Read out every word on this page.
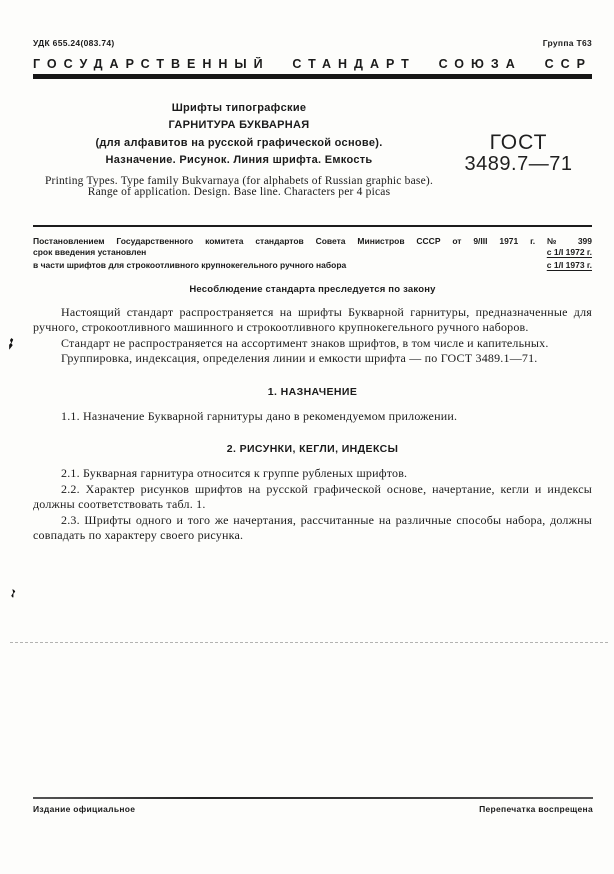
УДК 655.24(083.74)	Группа Т63
ГОСУДАРСТВЕННЫЙ СТАНДАРТ СОЮЗА ССР
Шрифты типографские
ГАРНИТУРА БУКВАРНАЯ
(для алфавитов на русской графической основе).
Назначение. Рисунок. Линия шрифта. Емкость
Printing Types. Type family Bukvarnaya (for alphabets of Russian graphic base). Range of application. Design. Base line. Characters per 4 picas
ГОСТ
3489.7—71
Постановлением Государственного комитета стандартов Совета Министров СССР от 9/III 1971 г. № 399
срок введения установлен	с 1/I 1972 г.
в части шрифтов для строкоотливного крупнокегельного ручного набора	с 1/I 1973 г.
Несоблюдение стандарта преследуется по закону

Настоящий стандарт распространяется на шрифты Букварной гарнитуры, предназначенные для ручного, строкоотливного машинного и строкоотливного крупнокегельного ручного наборов.

Стандарт не распространяется на ассортимент знаков шрифтов, в том числе и капительных.

Группировка, индексация, определения линии и емкости шрифта — по ГОСТ 3489.1—71.

1. НАЗНАЧЕНИЕ

1.1. Назначение Букварной гарнитуры дано в рекомендуемом приложении.

2. РИСУНКИ, КЕГЛИ, ИНДЕКСЫ

2.1. Букварная гарнитура относится к группе рубленых шрифтов.

2.2. Характер рисунков шрифтов на русской графической основе, начертание, кегли и индексы должны соответствовать табл. 1.

2.3. Шрифты одного и того же начертания, рассчитанные на различные способы набора, должны совпадать по характеру своего рисунка.

Издание официальное	Перепечатка воспрещена
